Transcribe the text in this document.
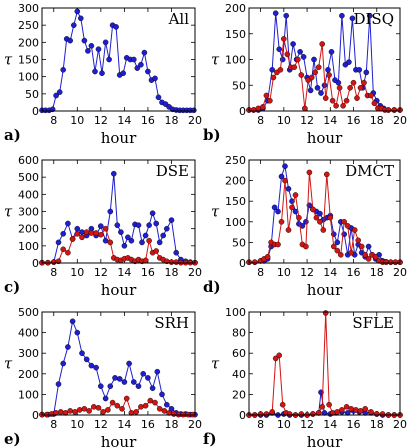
8 10 12 14 16 18 20
0
50
100
150
200
250
300
All
hour
τ
a)
8 10 12 14 16 18 20
0
50
100
150
200
DISQ
hour
τ
b)
8 10 12 14 16 18 20
0
100
200
300
400
500
600
DSE
hour
τ
c)
8 10 12 14 16 18 20
0
50
100
150
200
250
DMCT
hour
τ
d)
8 10 12 14 16 18 20
0
100
200
300
400
500
SRH
hour
τ
e)
8 10 12 14 16 18 20
0
20
40
60
80
100
SFLE
hour
τ
f)
